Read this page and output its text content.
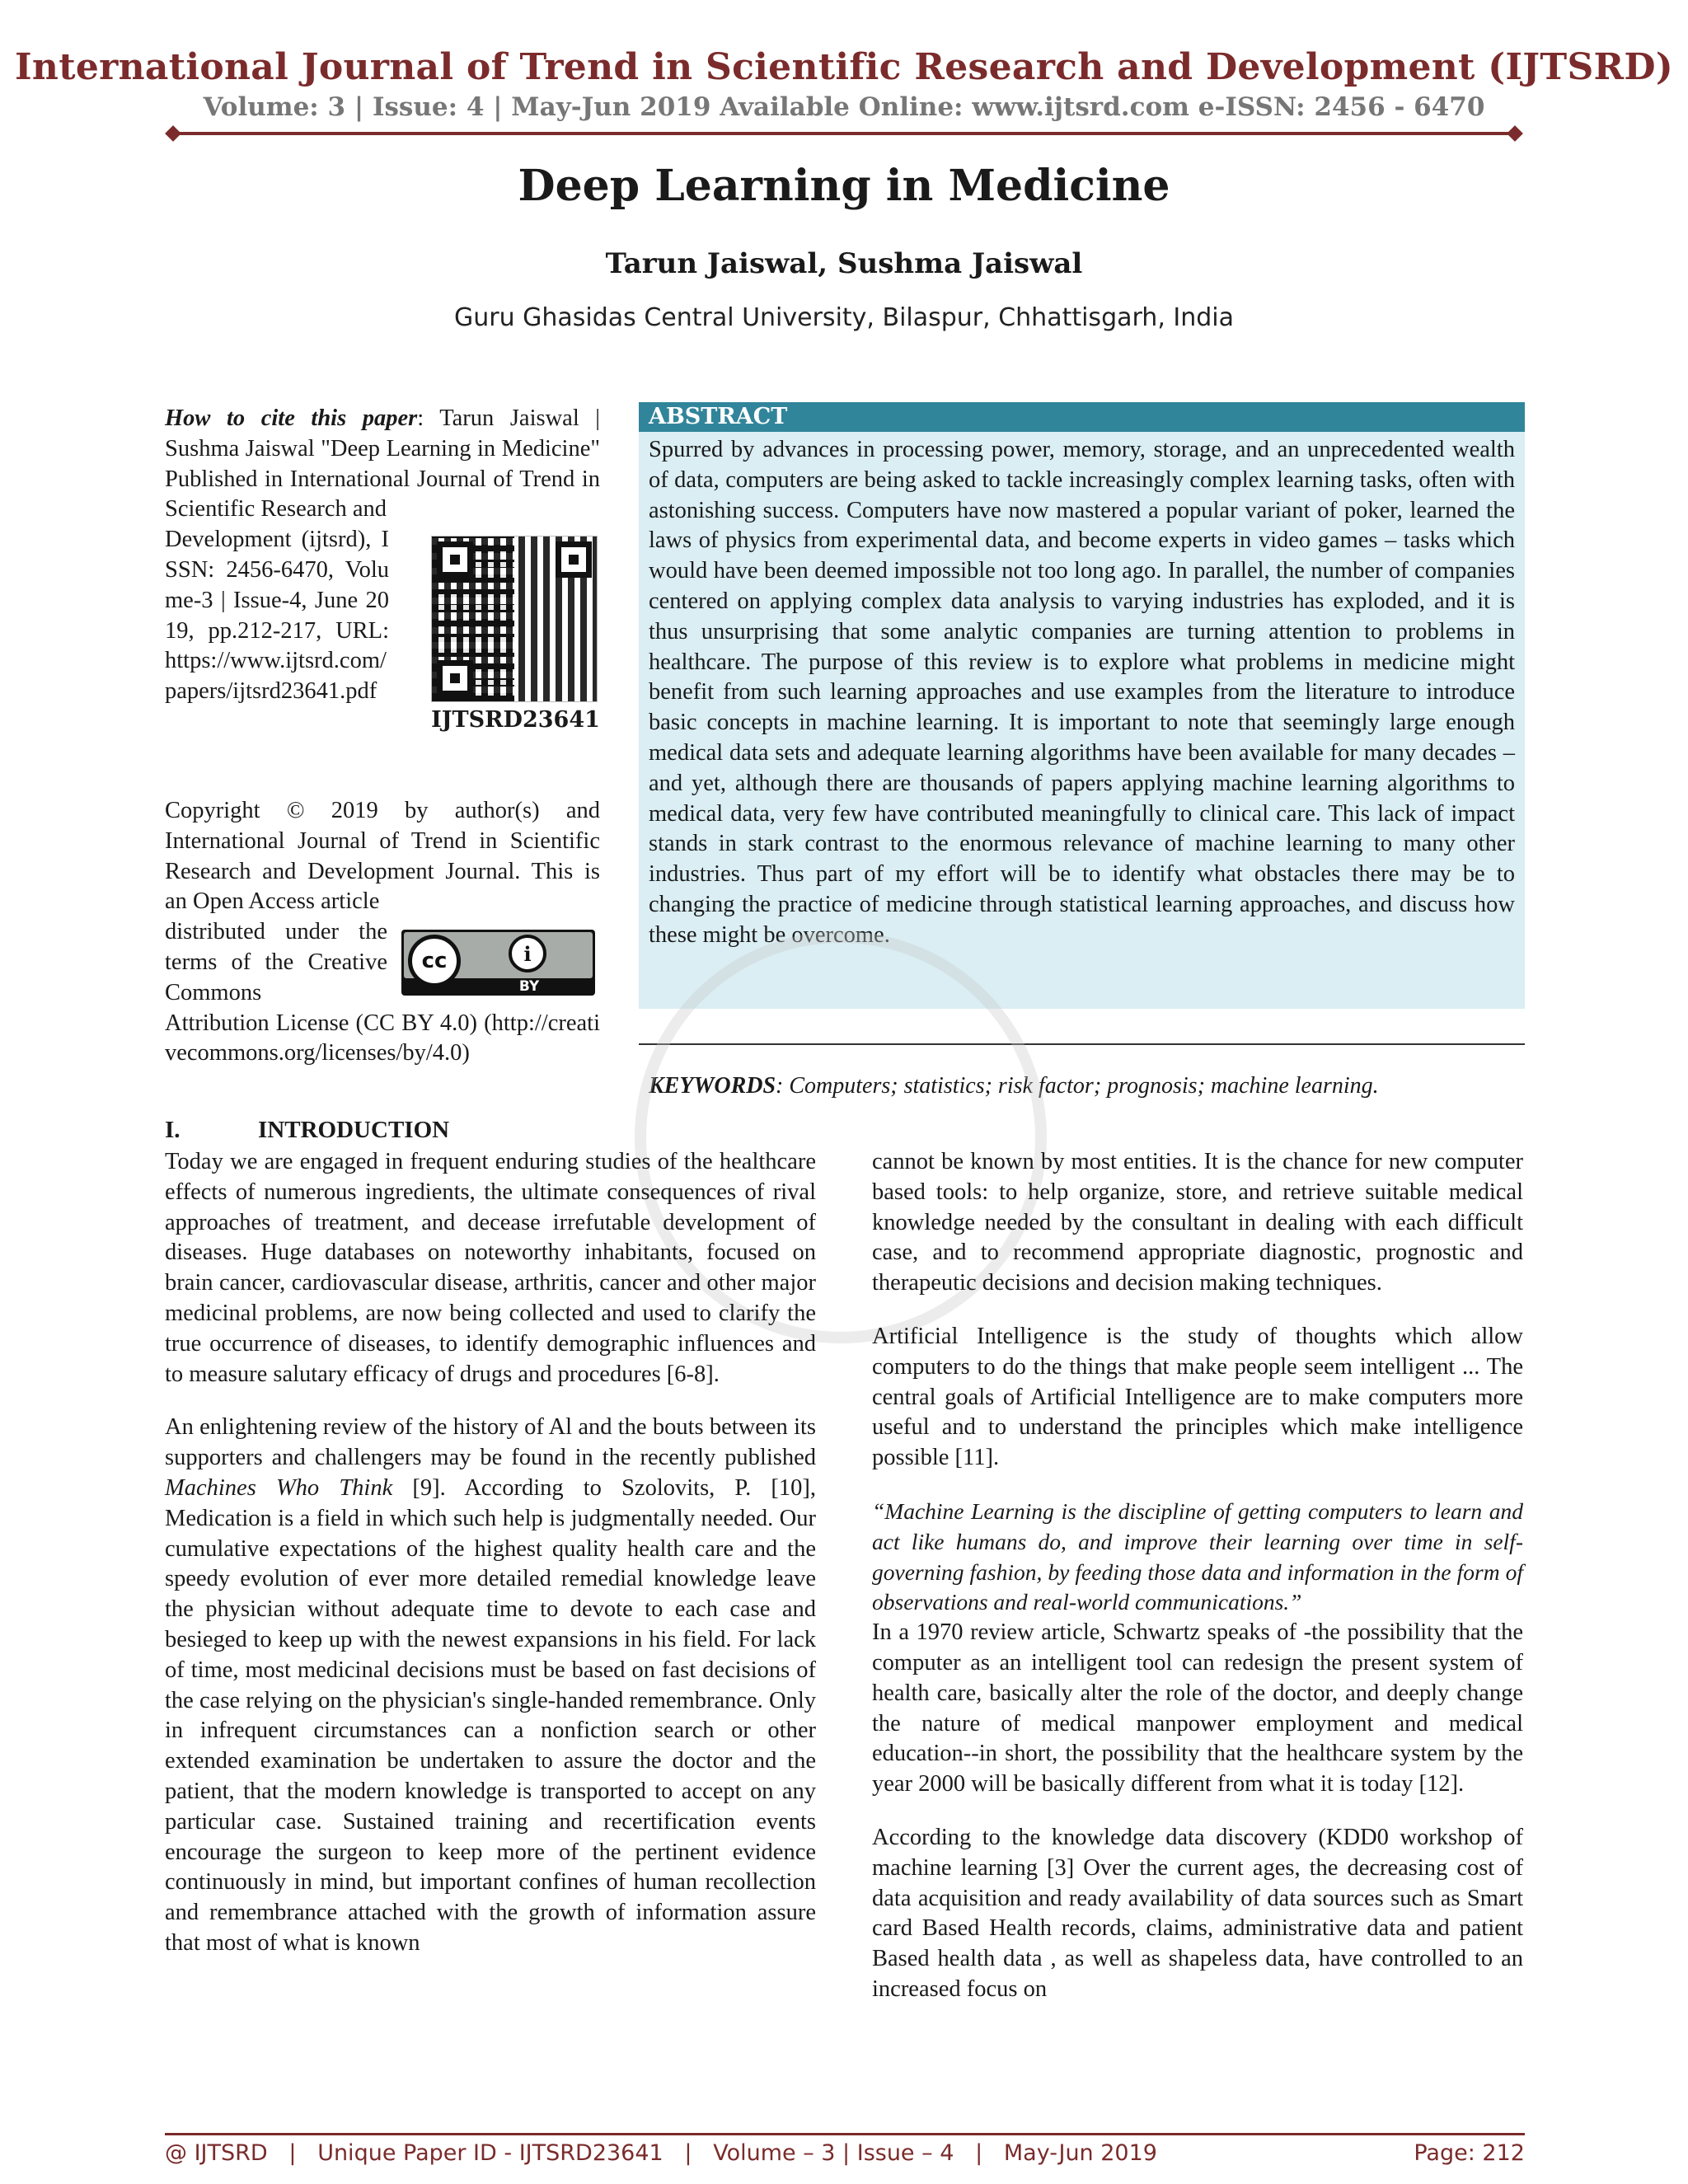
International Journal of Trend in Scientific Research and Development (IJTSRD)
Volume: 3 | Issue: 4 | May-Jun 2019 Available Online: www.ijtsrd.com e-ISSN: 2456 - 6470
Deep Learning in Medicine
Tarun Jaiswal, Sushma Jaiswal
Guru Ghasidas Central University, Bilaspur, Chhattisgarh, India

How to cite this paper: Tarun Jaiswal | Sushma Jaiswal "Deep Learning in Medicine" Published in International Journal of Trend in Scientific Research and

Development (ijtsrd), ISSN: 2456-6470, Volume-3 | Issue-4, June 2019, pp.212-217, URL: https://www.ijtsrd.com/papers/ijtsrd23641.pdf

IJTSRD23641

Copyright © 2019 by author(s) and International Journal of Trend in Scientific Research and Development Journal. This is an Open Access article

distributed under the terms of the Creative Commons

Attribution License (CC BY 4.0) (http://creativecommons.org/licenses/by/4.0)

cc	i
BY
ABSTRACT

Spurred by advances in processing power, memory, storage, and an unprecedented wealth of data, computers are being asked to tackle increasingly complex learning tasks, often with astonishing success. Computers have now mastered a popular variant of poker, learned the laws of physics from experimental data, and become experts in video games – tasks which would have been deemed impossible not too long ago. In parallel, the number of companies centered on applying complex data analysis to varying industries has exploded, and it is thus unsurprising that some analytic companies are turning attention to problems in healthcare. The purpose of this review is to explore what problems in medicine might benefit from such learning approaches and use examples from the literature to introduce basic concepts in machine learning. It is important to note that seemingly large enough medical data sets and adequate learning algorithms have been available for many decades – and yet, although there are thousands of papers applying machine learning algorithms to medical data, very few have contributed meaningfully to clinical care. This lack of impact stands in stark contrast to the enormous relevance of machine learning to many other industries. Thus part of my effort will be to identify what obstacles there may be to changing the practice of medicine through statistical learning approaches, and discuss how these might be overcome.

KEYWORDS: Computers; statistics; risk factor; prognosis; machine learning.
I.	INTRODUCTION

Today we are engaged in frequent enduring studies of the healthcare effects of numerous ingredients, the ultimate consequences of rival approaches of treatment, and decease irrefutable development of diseases. Huge databases on noteworthy inhabitants, focused on brain cancer, cardiovascular disease, arthritis, cancer and other major medicinal problems, are now being collected and used to clarify the true occurrence of diseases, to identify demographic influences and to measure salutary efficacy of drugs and procedures [6-8].

An enlightening review of the history of Al and the bouts between its supporters and challengers may be found in the recently published Machines Who Think [9]. According to Szolovits, P. [10], Medication is a field in which such help is judgmentally needed. Our cumulative expectations of the highest quality health care and the speedy evolution of ever more detailed remedial knowledge leave the physician without adequate time to devote to each case and besieged to keep up with the newest expansions in his field. For lack of time, most medicinal decisions must be based on fast decisions of the case relying on the physician's single-handed remembrance. Only in infrequent circumstances can a nonfiction search or other extended examination be undertaken to assure the doctor and the patient, that the modern knowledge is transported to accept on any particular case. Sustained training and recertification events encourage the surgeon to keep more of the pertinent evidence continuously in mind, but important confines of human recollection and remembrance attached with the growth of information assure that most of what is known

cannot be known by most entities. It is the chance for new computer based tools: to help organize, store, and retrieve suitable medical knowledge needed by the consultant in dealing with each difficult case, and to recommend appropriate diagnostic, prognostic and therapeutic decisions and decision making techniques.

Artificial Intelligence is the study of thoughts which allow computers to do the things that make people seem intelligent ... The central goals of Artificial Intelligence are to make computers more useful and to understand the principles which make intelligence possible [11].

“Machine Learning is the discipline of getting computers to learn and act like humans do, and improve their learning over time in self-governing fashion, by feeding those data and information in the form of observations and real-world communications.”

In a 1970 review article, Schwartz speaks of -the possibility that the computer as an intelligent tool can redesign the present system of health care, basically alter the role of the doctor, and deeply change the nature of medical manpower employment and medical education--in short, the possibility that the healthcare system by the year 2000 will be basically different from what it is today [12].

According to the knowledge data discovery (KDD0 workshop of machine learning [3] Over the current ages, the decreasing cost of data acquisition and ready availability of data sources such as Smart card Based Health records, claims, administrative data and patient Based health data , as well as shapeless data, have controlled to an increased focus on

@ IJTSRD | Unique Paper ID - IJTSRD23641 | Volume – 3 | Issue – 4 | May-Jun 2019	Page: 212
